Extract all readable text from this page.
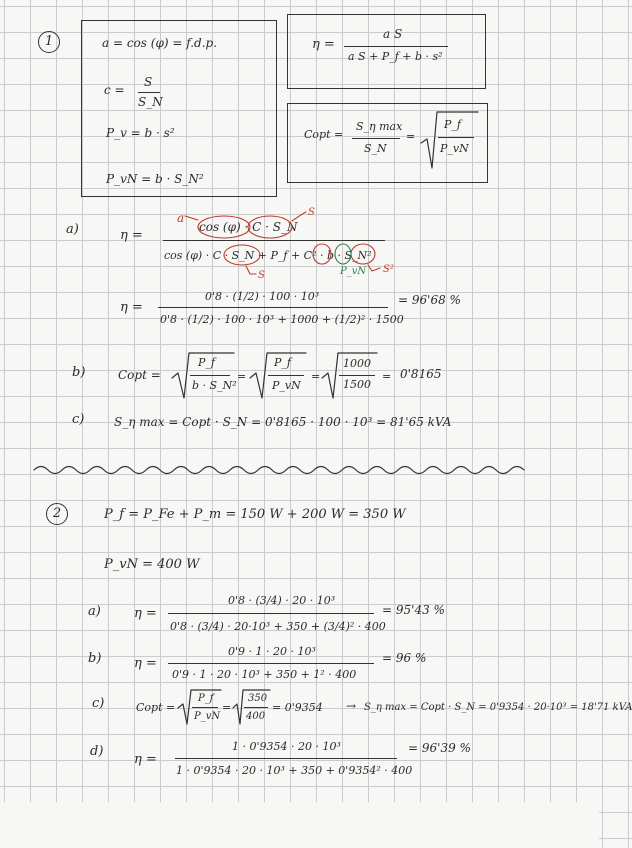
1	a = cos (φ) = f.d.p.
c =
S
S_N
P_v = b · s²
P_vN = b · S_N²
η =
a S
a S + P_f + b · s²
Copt =
S_η max
S_N
=
P_f
P_vN
a)	η =
a
cos (φ) · C · S_N
S
cos (φ) · C · S_N + P_f + C² · b · S_N²
S	P_vN S²
η =
0'8 · (1/2) · 100 · 10³
0'8 · (1/2) · 100 · 10³ + 1000 + (1/2)² · 1500
= 96'68 %
b)	Copt =
P_f
b · S_N²
=
P_f
P_vN
=
1000
1500
= 0'8165
c) S_η max = Copt · S_N = 0'8165 · 100 · 10³ = 81'65 kVA
2	P_f = P_Fe + P_m = 150 W + 200 W = 350 W
P_vN = 400 W
a)	η =
0'8 · (3/4) · 20 · 10³
0'8 · (3/4) · 20·10³ + 350 + (3/4)² · 400
= 95'43 %
b)	η =
0'9 · 1 · 20 · 10³
0'9 · 1 · 20 · 10³ + 350 + 1² · 400
= 96 %
c)	Copt =
P_f
P_vN
=
350
400
= 0'9354 → S_η max = Copt · S_N = 0'9354 · 20·10³ = 18'71 kVA
d)
η =
1 · 0'9354 · 20 · 10³
1 · 0'9354 · 20 · 10³ + 350 + 0'9354² · 400
= 96'39 %
